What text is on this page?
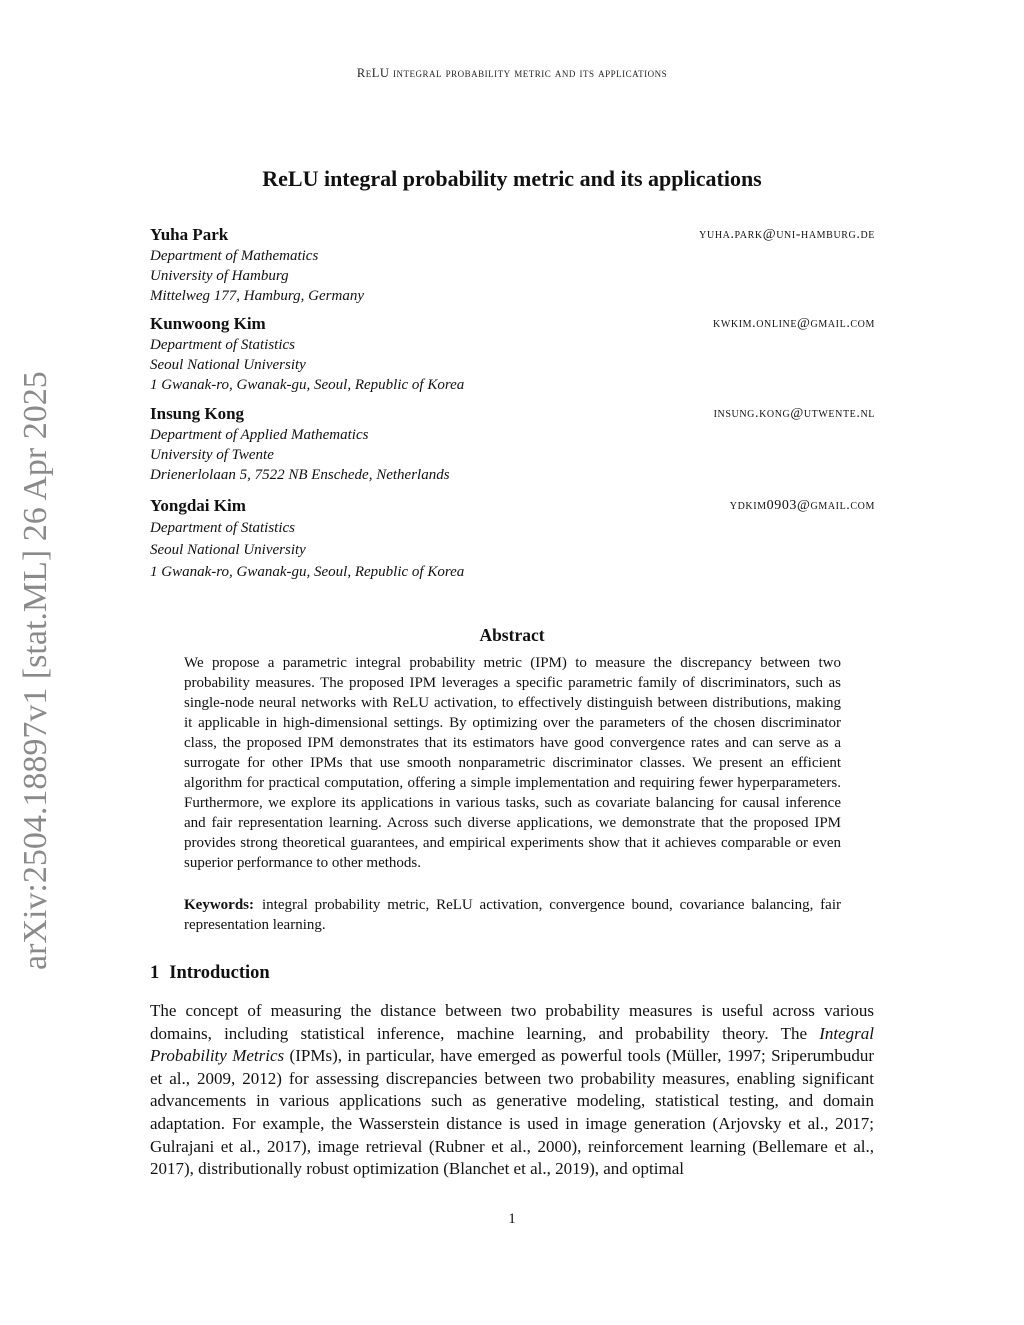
ReLU integral probability metric and its applications
arXiv:2504.18897v1 [stat.ML] 26 Apr 2025
ReLU integral probability metric and its applications
Yuha Park	yuha.park@uni-hamburg.de
Department of Mathematics
University of Hamburg
Mittelweg 177, Hamburg, Germany
Kunwoong Kim	kwkim.online@gmail.com
Department of Statistics
Seoul National University
1 Gwanak-ro, Gwanak-gu, Seoul, Republic of Korea
Insung Kong	insung.kong@utwente.nl
Department of Applied Mathematics
University of Twente
Drienerlolaan 5, 7522 NB Enschede, Netherlands
Yongdai Kim	ydkim0903@gmail.com
Department of Statistics
Seoul National University
1 Gwanak-ro, Gwanak-gu, Seoul, Republic of Korea
Abstract
We propose a parametric integral probability metric (IPM) to measure the discrepancy between two probability measures. The proposed IPM leverages a specific parametric family of discriminators, such as single-node neural networks with ReLU activation, to effectively distinguish between distributions, making it applicable in high-dimensional settings. By optimizing over the parameters of the chosen discriminator class, the proposed IPM demonstrates that its estimators have good convergence rates and can serve as a surrogate for other IPMs that use smooth nonparametric discriminator classes. We present an efficient algorithm for practical computation, offering a simple implementation and requiring fewer hyperparameters. Furthermore, we explore its applications in various tasks, such as covariate balancing for causal inference and fair representation learning. Across such diverse applications, we demonstrate that the proposed IPM provides strong theoretical guarantees, and empirical experiments show that it achieves comparable or even superior performance to other methods.
Keywords: integral probability metric, ReLU activation, convergence bound, covariance balancing, fair representation learning.
1 Introduction
The concept of measuring the distance between two probability measures is useful across various domains, including statistical inference, machine learning, and probability theory. The Integral Probability Metrics (IPMs), in particular, have emerged as powerful tools (Müller, 1997; Sriperumbudur et al., 2009, 2012) for assessing discrepancies between two probability measures, enabling significant advancements in various applications such as generative modeling, statistical testing, and domain adaptation. For example, the Wasserstein distance is used in image generation (Arjovsky et al., 2017; Gulrajani et al., 2017), image retrieval (Rubner et al., 2000), reinforcement learning (Bellemare et al., 2017), distributionally robust optimization (Blanchet et al., 2019), and optimal
1
